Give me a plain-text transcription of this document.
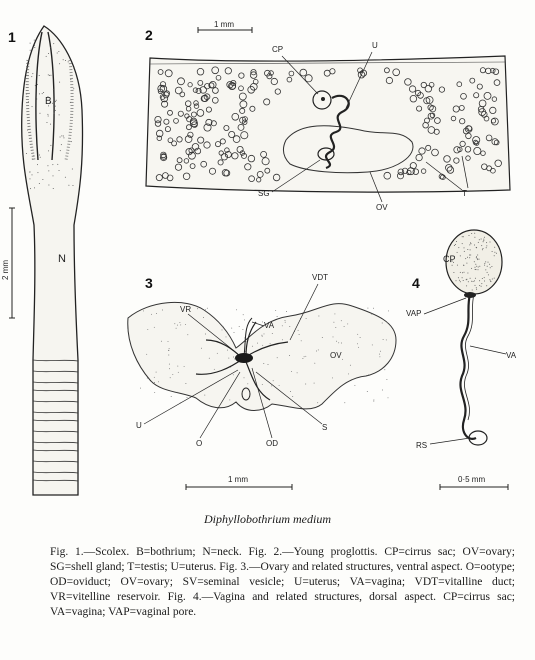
1
B
N
2 mm
2
1 mm
CP	U
SG
OV
T
3
VR
VDT
VA
OV
U
O	OD
S
1 mm
4
CP
VAP
VA
RS
0·5 mm
Diphyllobothrium medium
Fig. 1.—Scolex. B=bothrium; N=neck. Fig. 2.—Young proglottis. CP=cirrus sac; OV=ovary; SG=shell gland; T=testis; U=uterus. Fig. 3.—Ovary and related structures, ventral aspect. O=ootype; OD=oviduct; OV=ovary; SV=seminal vesicle; U=uterus; VA=vagina; VDT=vitalline duct; VR=vitelline reservoir. Fig. 4.—Vagina and related structures, dorsal aspect. CP=cirrus sac; VA=vagina; VAP=vaginal pore.
